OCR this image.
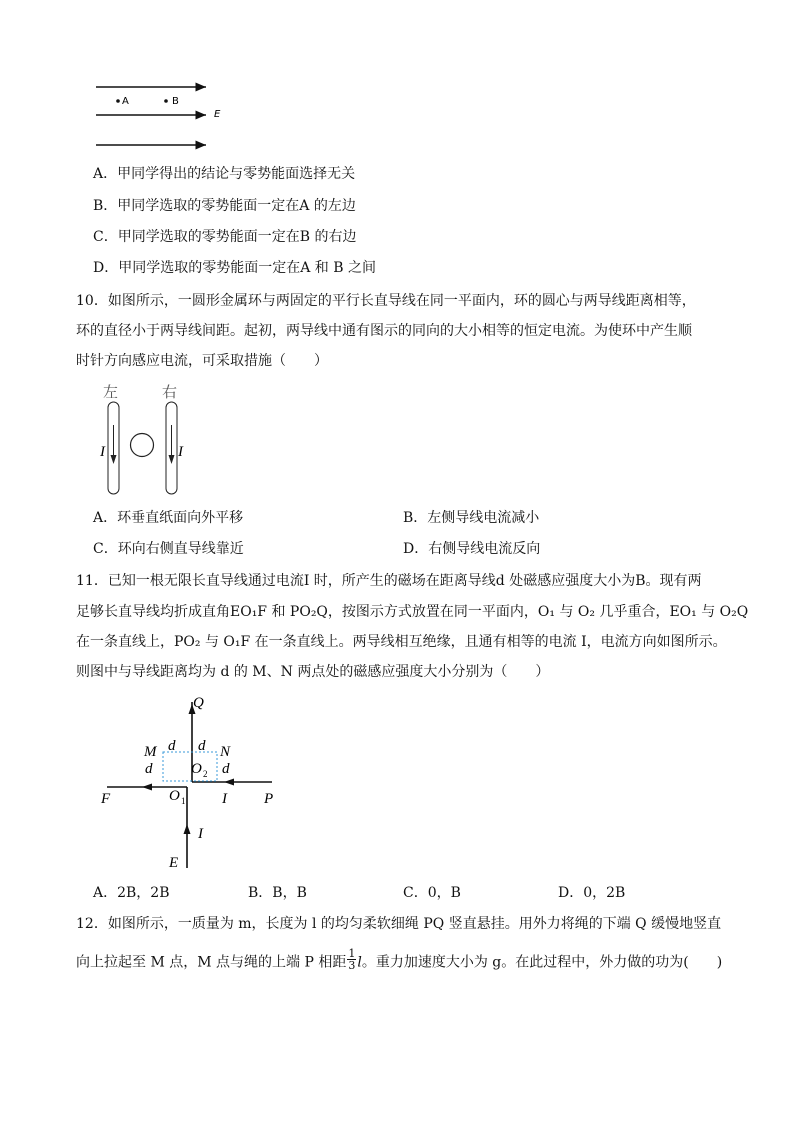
A	B
E
A．甲同学得出的结论与零势能面选择无关
B．甲同学选取的零势能面一定在A 的左边
C．甲同学选取的零势能面一定在B 的右边
D．甲同学选取的零势能面一定在A 和 B 之间
10．如图所示，一圆形金属环与两固定的平行长直导线在同一平面内，环的圆心与两导线距离相等，
环的直径小于两导线间距。起初，两导线中通有图示的同向的大小相等的恒定电流。为使环中产生顺
时针方向感应电流，可采取措施（　　）
左	右
I	I
A．环垂直纸面向外平移	B．左侧导线电流减小
C．环向右侧直导线靠近	D．右侧导线电流反向
11．已知一根无限长直导线通过电流I 时，所产生的磁场在距离导线d 处磁感应强度大小为B。现有两
足够长直导线均折成直角EO₁F 和 PO₂Q，按图示方式放置在同一平面内，O₁ 与 O₂ 几乎重合，EO₁ 与 O₂Q
在一条直线上，PO₂ 与 O₁F 在一条直线上。两导线相互绝缘，且通有相等的电流 I，电流方向如图所示。
则图中与导线距离均为 d 的 M、N 两点处的磁感应强度大小分别为（　　）
Q
M d d N
d	d
O
F	O	I P
I
E
2
1
A．2B，2B	B．B，B	C．0，B	D．0，2B
12．如图所示，一质量为 m，长度为 l 的均匀柔软细绳 PQ 竖直悬挂。用外力将绳的下端 Q 缓慢地竖直
向上拉起至 M 点，M 点与绳的上端 P 相距 $\frac{1}{3}$ l。重力加速度大小为 g。在此过程中，外力做的功为(　　)
